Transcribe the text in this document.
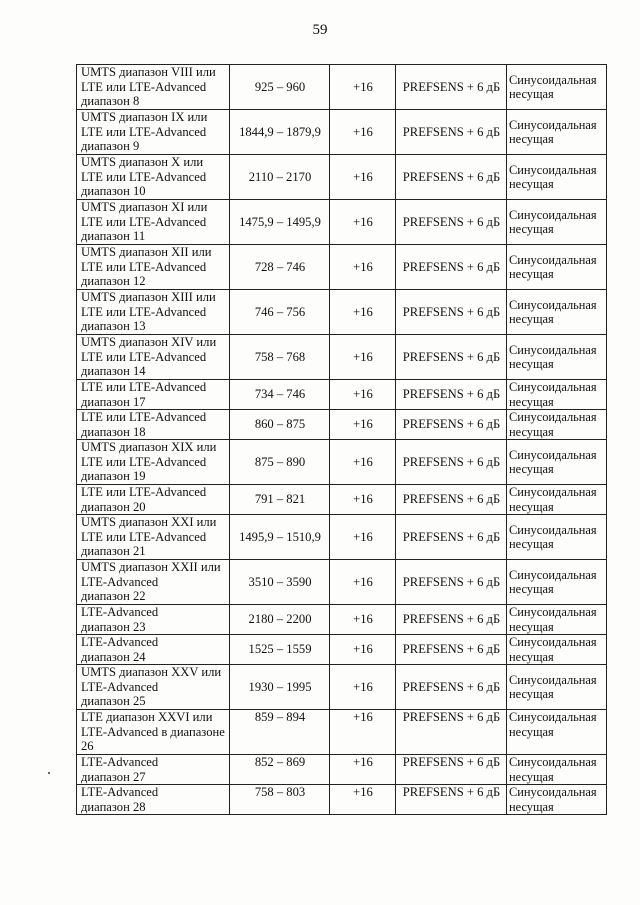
59
UMTS диапазон VIII или
LTE или LTE-Advanced
диапазон 8	925 – 960	+16	PREFSENS + 6 дБ	Синусоидальная
несущая

UMTS диапазон IX или
LTE или LTE-Advanced
диапазон 9	1844,9 – 1879,9	+16	PREFSENS + 6 дБ	Синусоидальная
несущая

UMTS диапазон X или
LTE или LTE-Advanced
диапазон 10	2110 – 2170	+16	PREFSENS + 6 дБ	Синусоидальная
несущая

UMTS диапазон XI или
LTE или LTE-Advanced
диапазон 11	1475,9 – 1495,9	+16	PREFSENS + 6 дБ	Синусоидальная
несущая

UMTS диапазон XII или
LTE или LTE-Advanced
диапазон 12	728 – 746	+16	PREFSENS + 6 дБ	Синусоидальная
несущая

UMTS диапазон XIII или
LTE или LTE-Advanced
диапазон 13	746 – 756	+16	PREFSENS + 6 дБ	Синусоидальная
несущая

UMTS диапазон XIV или
LTE или LTE-Advanced
диапазон 14	758 – 768	+16	PREFSENS + 6 дБ	Синусоидальная
несущая

LTE или LTE-Advanced
диапазон 17	734 – 746	+16	PREFSENS + 6 дБ	Синусоидальная
несущая

LTE или LTE-Advanced
диапазон 18	860 – 875	+16	PREFSENS + 6 дБ	Синусоидальная
несущая

UMTS диапазон XIX или
LTE или LTE-Advanced
диапазон 19	875 – 890	+16	PREFSENS + 6 дБ	Синусоидальная
несущая

LTE или LTE-Advanced
диапазон 20	791 – 821	+16	PREFSENS + 6 дБ	Синусоидальная
несущая

UMTS диапазон XXI или
LTE или LTE-Advanced
диапазон 21	1495,9 – 1510,9	+16	PREFSENS + 6 дБ	Синусоидальная
несущая

UMTS диапазон XXII или
LTE-Advanced
диапазон 22	3510 – 3590	+16	PREFSENS + 6 дБ	Синусоидальная
несущая

LTE-Advanced
диапазон 23	2180 – 2200	+16	PREFSENS + 6 дБ	Синусоидальная
несущая

LTE-Advanced
диапазон 24	1525 – 1559	+16	PREFSENS + 6 дБ	Синусоидальная
несущая

UMTS диапазон XXV или
LTE-Advanced
диапазон 25	1930 – 1995	+16	PREFSENS + 6 дБ	Синусоидальная
несущая

LTE диапазон XXVI или
LTE-Advanced в диапазоне
26	859 – 894	+16	PREFSENS + 6 дБ	Синусоидальная
несущая

LTE-Advanced
диапазон 27	852 – 869	+16	PREFSENS + 6 дБ	Синусоидальная
несущая

LTE-Advanced
диапазон 28	758 – 803	+16	PREFSENS + 6 дБ	Синусоидальная
несущая
